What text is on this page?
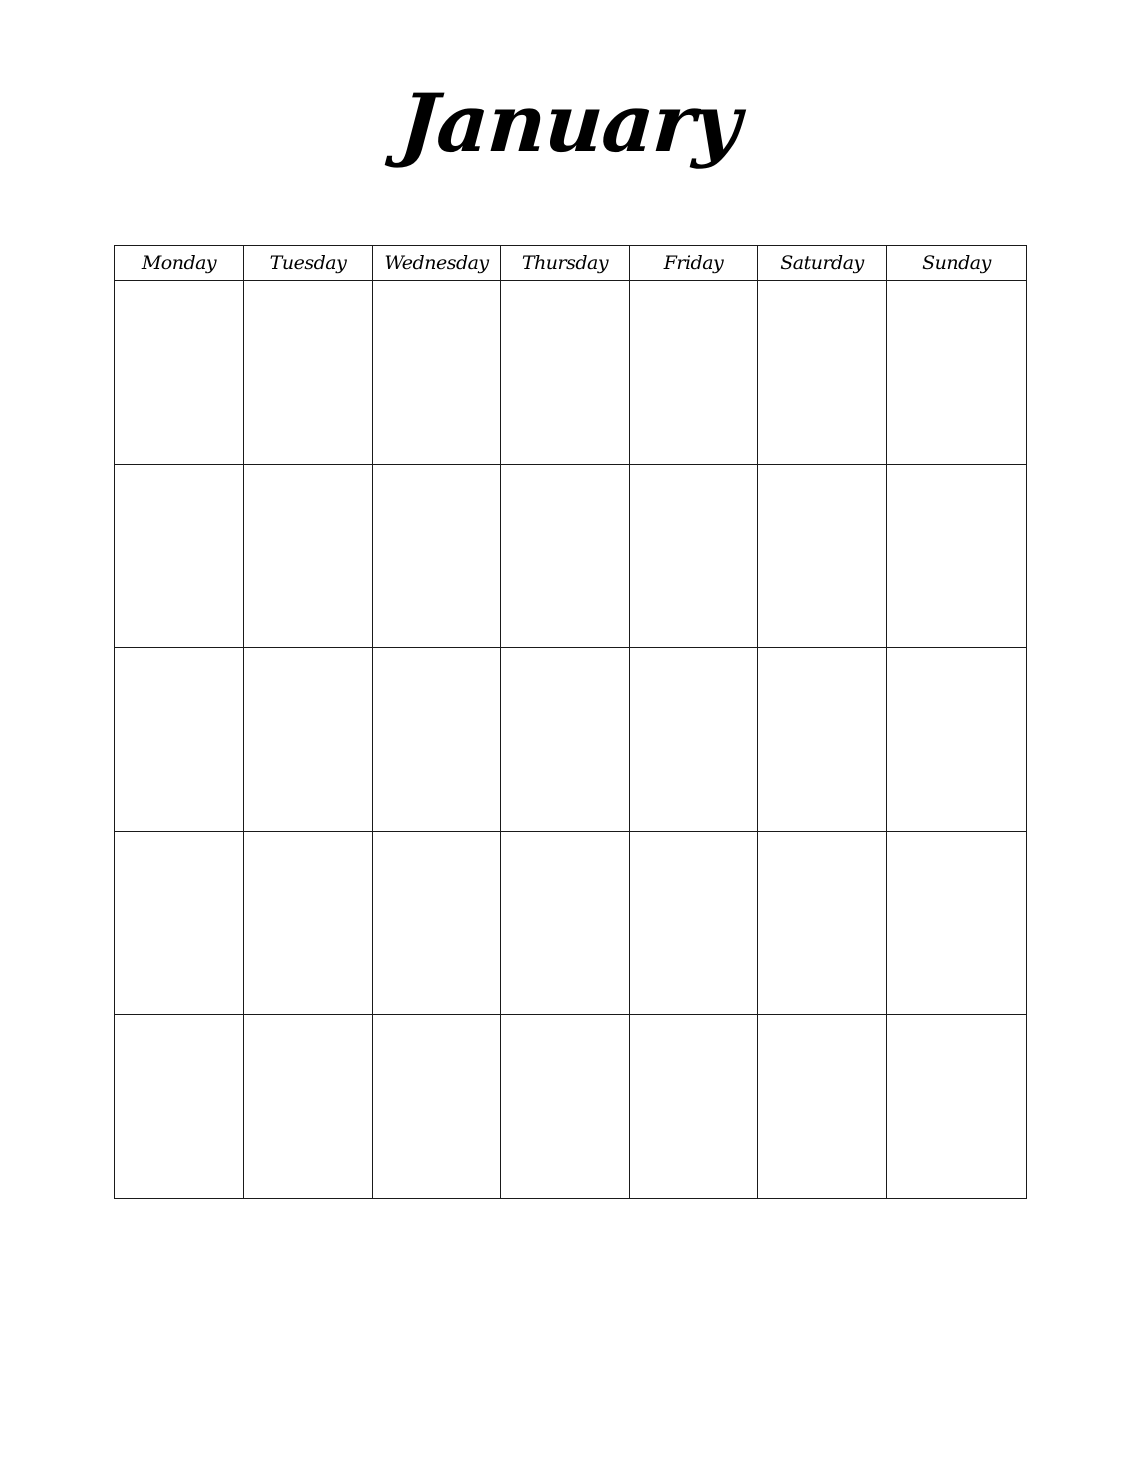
January
Monday	Tuesday	Wednesday	Thursday	Friday	Saturday	Sunday
